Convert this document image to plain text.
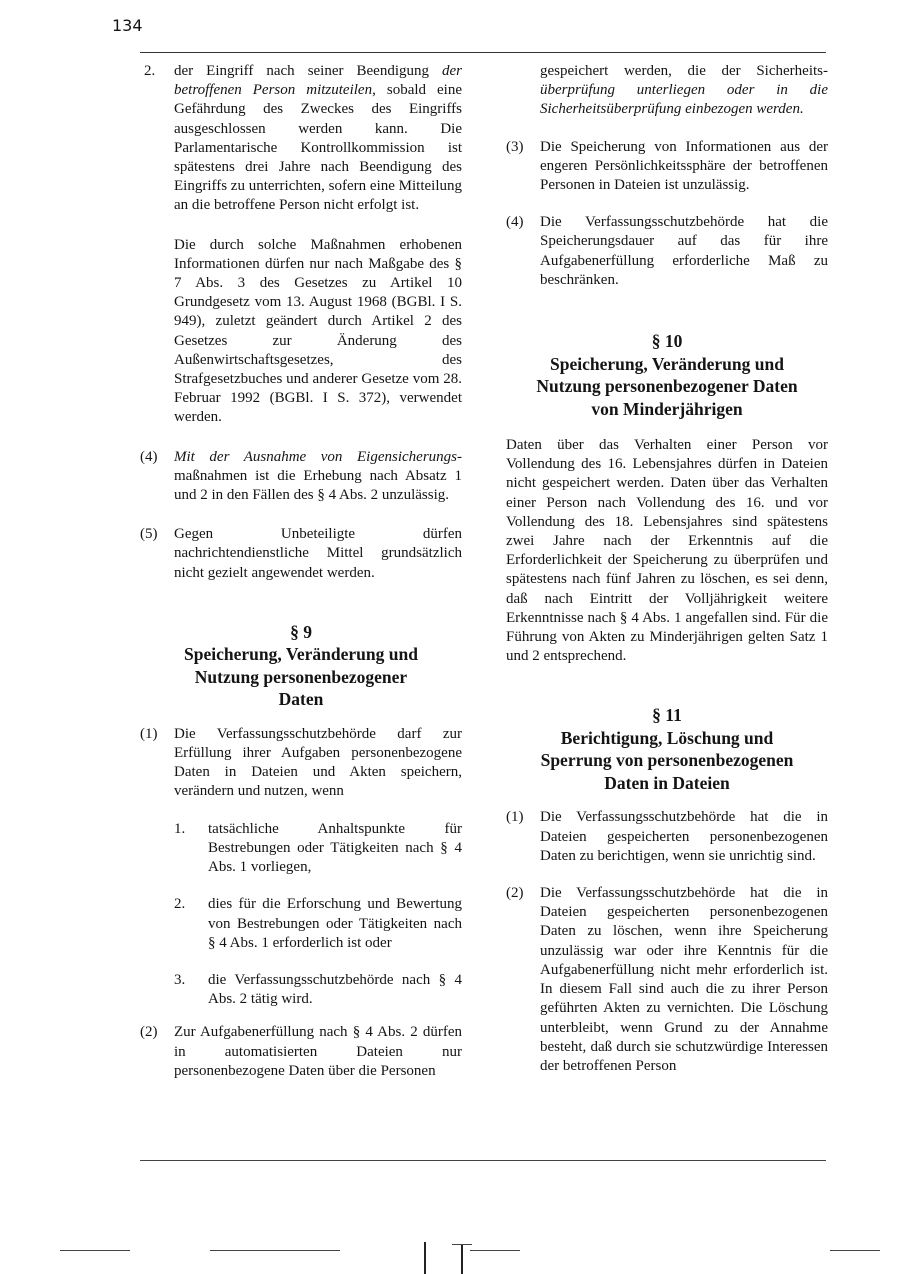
134
2. der Eingriff nach seiner Beendigung der betroffenen Person mitzuteilen, sobald eine Gefährdung des Zweckes des Eingriffs ausgeschlossen werden kann. Die Parlamentarische Kontrollkommission ist spätestens drei Jahre nach Beendigung des Eingriffs zu unterrichten, sofern eine Mitteilung an die betroffene Person nicht erfolgt ist.

Die durch solche Maßnahmen erhobenen Informationen dürfen nur nach Maßgabe des § 7 Abs. 3 des Gesetzes zu Artikel 10 Grundgesetz vom 13. August 1968 (BGBl. I S. 949), zuletzt geändert durch Artikel 2 des Gesetzes zur Änderung des Außenwirtschaftsgesetzes, des Strafgesetzbuches und anderer Gesetze vom 28. Februar 1992 (BGBl. I S. 372), verwendet werden.

(4) Mit der Ausnahme von Eigensicherungs- maßnahmen ist die Erhebung nach Absatz 1 und 2 in den Fällen des § 4 Abs. 2 unzulässig.

(5) Gegen Unbeteiligte dürfen nachrichtendienstliche Mittel grundsätzlich nicht gezielt angewendet werden.

§ 9

Speicherung, Veränderung und

Nutzung personenbezogener

Daten

(1) Die Verfassungsschutzbehörde darf zur Erfüllung ihrer Aufgaben personenbezogene Daten in Dateien und Akten speichern, verändern und nutzen, wenn

1. tatsächliche Anhaltspunkte für Bestrebungen oder Tätigkeiten nach § 4 Abs. 1 vorliegen,

2. dies für die Erforschung und Bewertung von Bestrebungen oder Tätigkeiten nach § 4 Abs. 1 erforderlich ist oder

3. die Verfassungsschutzbehörde nach § 4 Abs. 2 tätig wird.

(2) Zur Aufgabenerfüllung nach § 4 Abs. 2 dürfen in automatisierten Dateien nur personenbezogene Daten über die Personen

gespeichert werden, die der Sicherheits- überprüfung unterliegen oder in die Sicherheitsüberprüfung einbezogen werden.

(3) Die Speicherung von Informationen aus der engeren Persönlichkeitssphäre der betroffenen Personen in Dateien ist unzulässig.

(4) Die Verfassungsschutzbehörde hat die Speicherungsdauer auf das für ihre Aufgabenerfüllung erforderliche Maß zu beschränken.

§ 10

Speicherung, Veränderung und

Nutzung personenbezogener Daten

von Minderjährigen

Daten über das Verhalten einer Person vor Vollendung des 16. Lebensjahres dürfen in Dateien nicht gespeichert werden. Daten über das Verhalten einer Person nach Vollendung des 16. und vor Vollendung des 18. Lebensjahres sind spätestens zwei Jahre nach der Erkenntnis auf die Erforderlichkeit der Speicherung zu überprüfen und spätestens nach fünf Jahren zu löschen, es sei denn, daß nach Eintritt der Volljährigkeit weitere Erkenntnisse nach § 4 Abs. 1 angefallen sind. Für die Führung von Akten zu Minderjährigen gelten Satz 1 und 2 entsprechend.

§ 11

Berichtigung, Löschung und

Sperrung von personenbezogenen

Daten in Dateien

(1) Die Verfassungsschutzbehörde hat die in Dateien gespeicherten personenbezogenen Daten zu berichtigen, wenn sie unrichtig sind.

(2) Die Verfassungsschutzbehörde hat die in Dateien gespeicherten personenbezogenen Daten zu löschen, wenn ihre Speicherung unzulässig war oder ihre Kenntnis für die Aufgabenerfüllung nicht mehr erforderlich ist. In diesem Fall sind auch die zu ihrer Person geführten Akten zu vernichten. Die Löschung unterbleibt, wenn Grund zu der Annahme besteht, daß durch sie schutzwürdige Interessen der betroffenen Person
